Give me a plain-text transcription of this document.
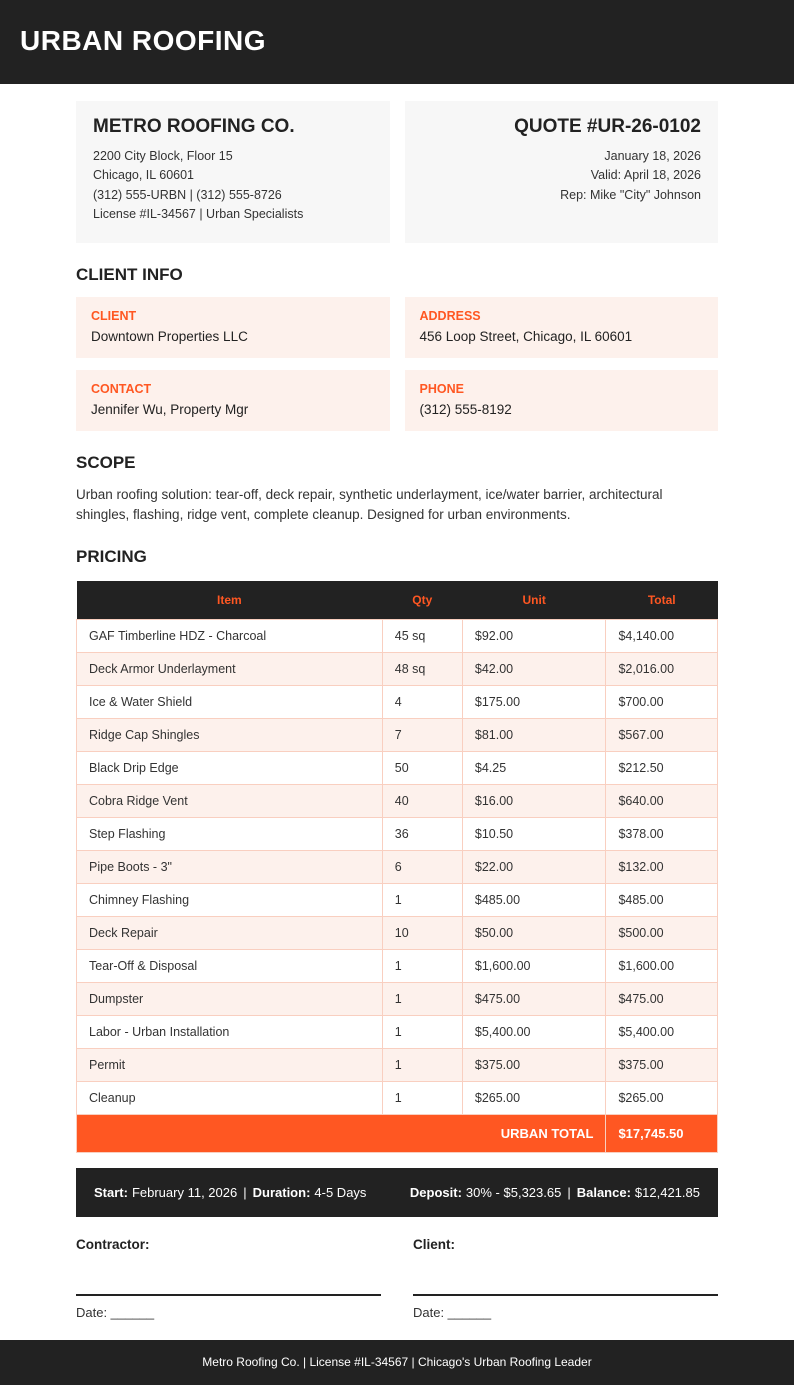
URBAN ROOFING
METRO ROOFING CO.
2200 City Block, Floor 15
Chicago, IL 60601
(312) 555-URBN | (312) 555-8726
License #IL-34567 | Urban Specialists
QUOTE #UR-26-0102
January 18, 2026
Valid: April 18, 2026
Rep: Mike "City" Johnson
CLIENT INFO
CLIENT
Downtown Properties LLC
ADDRESS
456 Loop Street, Chicago, IL 60601
CONTACT
Jennifer Wu, Property Mgr
PHONE
(312) 555-8192
SCOPE

Urban roofing solution: tear-off, deck repair, synthetic underlayment, ice/water barrier, architectural shingles, flashing, ridge vent, complete cleanup. Designed for urban environments.

PRICING
Item	Qty	Unit	Total
GAF Timberline HDZ - Charcoal	45 sq	$92.00	$4,140.00
Deck Armor Underlayment	48 sq	$42.00	$2,016.00
Ice & Water Shield	4	$175.00	$700.00
Ridge Cap Shingles	7	$81.00	$567.00
Black Drip Edge	50	$4.25	$212.50
Cobra Ridge Vent	40	$16.00	$640.00
Step Flashing	36	$10.50	$378.00
Pipe Boots - 3"	6	$22.00	$132.00
Chimney Flashing	1	$485.00	$485.00
Deck Repair	10	$50.00	$500.00
Tear-Off & Disposal	1	$1,600.00	$1,600.00
Dumpster	1	$475.00	$475.00
Labor - Urban Installation	1	$5,400.00	$5,400.00
Permit	1	$375.00	$375.00
Cleanup	1	$265.00	$265.00
URBAN TOTAL			$17,745.50
Start: February 11, 2026 | Duration: 4-5 Days	Deposit: 30% - $5,323.65 | Balance: $12,421.85
Contractor:
Date: ______
Client:
Date: ______
Metro Roofing Co. | License #IL-34567 | Chicago's Urban Roofing Leader
